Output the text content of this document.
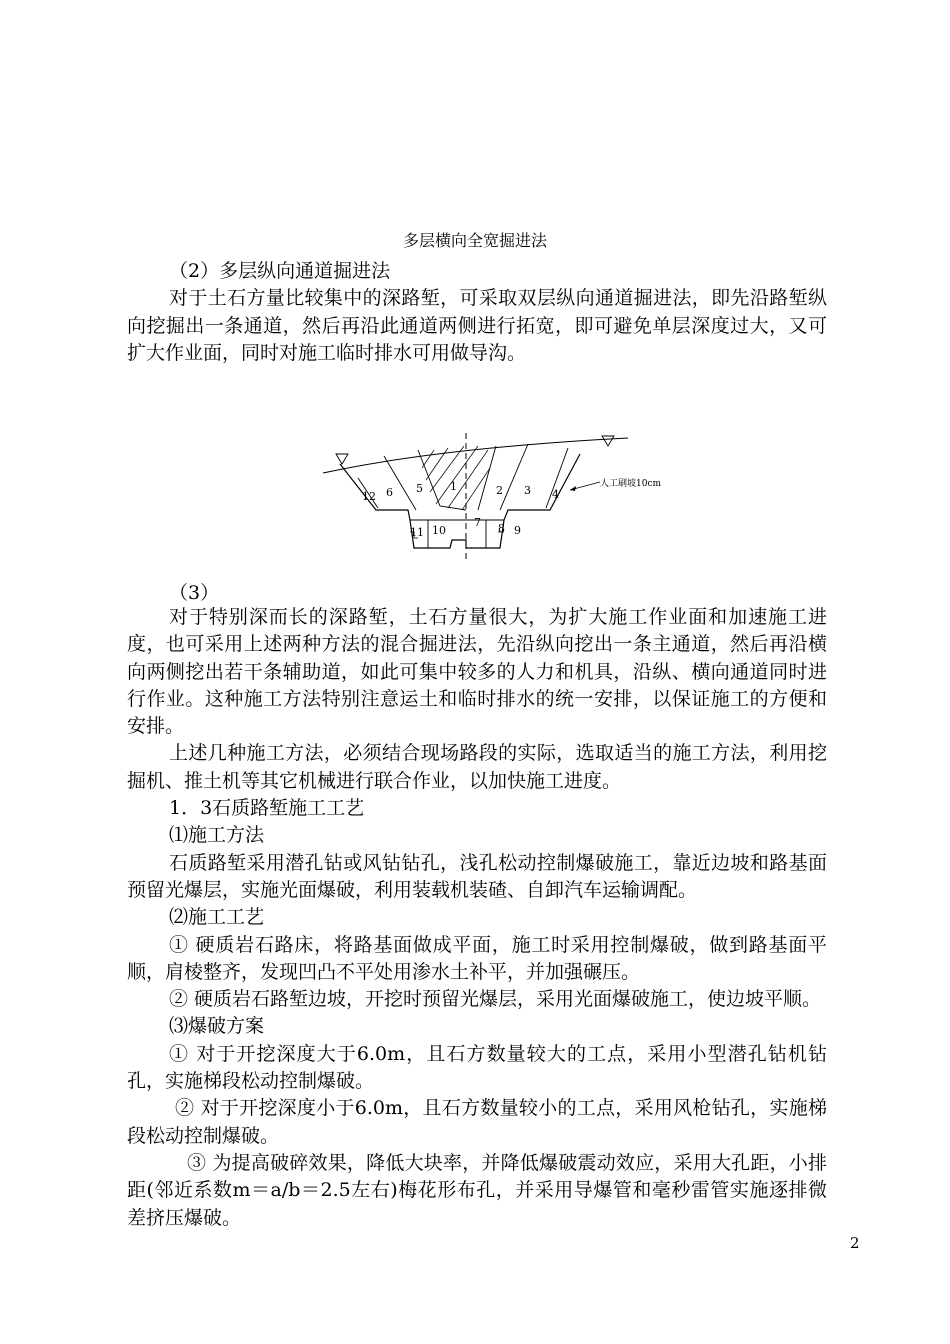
多层横向全宽掘进法

（2）多层纵向通道掘进法

对于土石方量比较集中的深路堑，可采取双层纵向通道掘进法，即先沿路堑纵向挖掘出一条通道，然后再沿此通道两侧进行拓宽，即可避免单层深度过大，又可扩大作业面，同时对施工临时排水可用做导沟。

12 6 5 1	2 3 4
11 10
7 8 9
人工刷坡10cm
（3）

对于特别深而长的深路堑，土石方量很大，为扩大施工作业面和加速施工进度，也可采用上述两种方法的混合掘进法，先沿纵向挖出一条主通道，然后再沿横向两侧挖出若干条辅助道，如此可集中较多的人力和机具，沿纵、横向通道同时进行作业。这种施工方法特别注意运土和临时排水的统一安排，以保证施工的方便和安排。

上述几种施工方法，必须结合现场路段的实际，选取适当的施工方法，利用挖掘机、推土机等其它机械进行联合作业，以加快施工进度。

1．3石质路堑施工工艺

⑴施工方法

石质路堑采用潜孔钻或风钻钻孔，浅孔松动控制爆破施工，靠近边坡和路基面预留光爆层，实施光面爆破，利用装载机装碴、自卸汽车运输调配。

⑵施工工艺

① 硬质岩石路床，将路基面做成平面，施工时采用控制爆破，做到路基面平顺，肩棱整齐，发现凹凸不平处用渗水土补平，并加强碾压。

② 硬质岩石路堑边坡，开挖时预留光爆层，采用光面爆破施工，使边坡平顺。

⑶爆破方案

① 对于开挖深度大于6.0m，且石方数量较大的工点，采用小型潜孔钻机钻孔，实施梯段松动控制爆破。

② 对于开挖深度小于6.0m，且石方数量较小的工点，采用风枪钻孔，实施梯段松动控制爆破。

③ 为提高破碎效果，降低大块率，并降低爆破震动效应，采用大孔距，小排距(邻近系数m＝a/b＝2.5左右)梅花形布孔，并采用导爆管和毫秒雷管实施逐排微差挤压爆破。

2
